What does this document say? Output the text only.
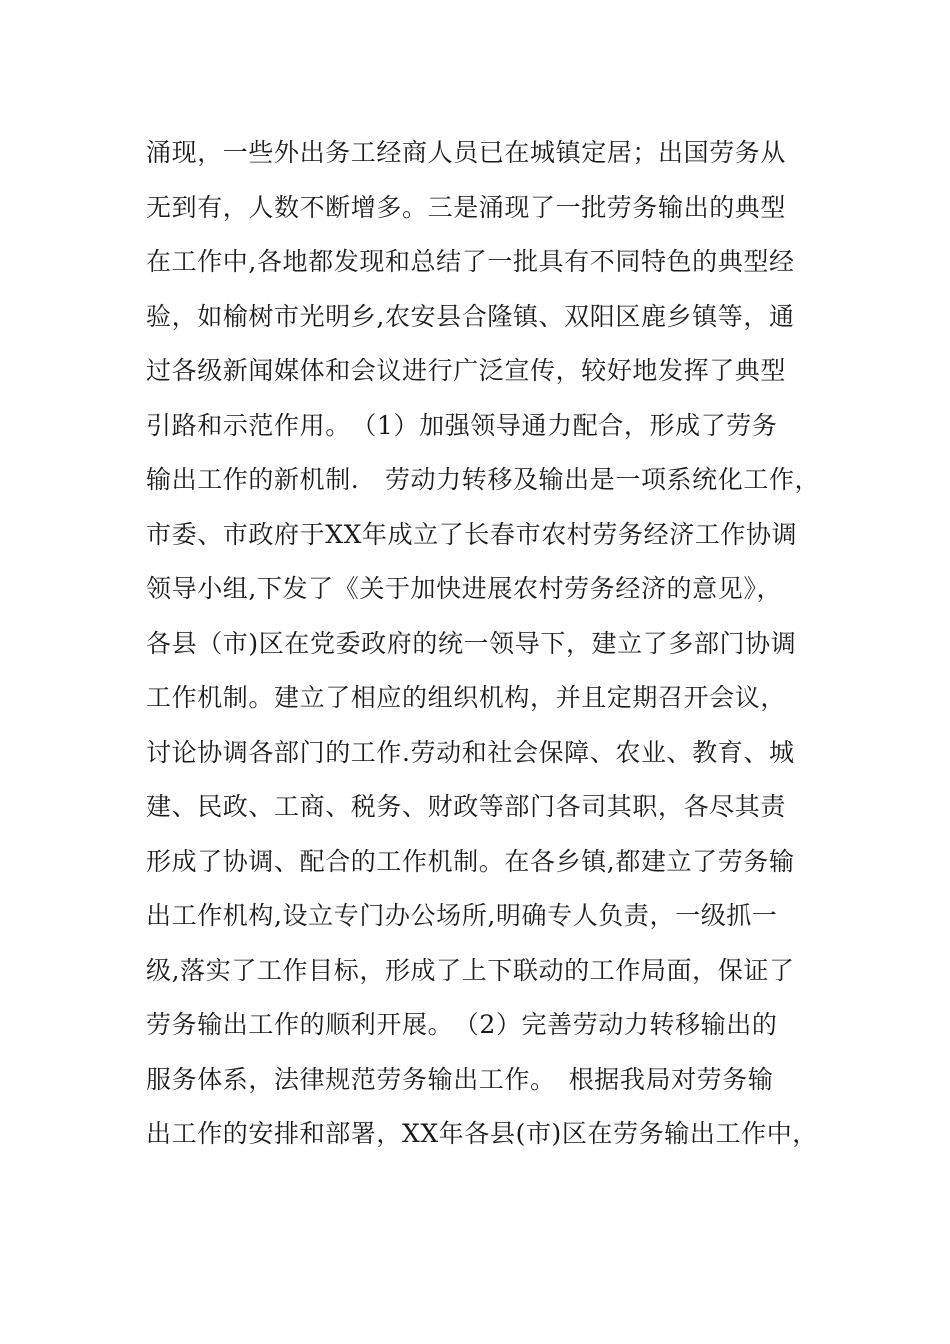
涌现，一些外出务工经商人员已在城镇定居；出国劳务从
无到有，人数不断增多。三是涌现了一批劳务输出的典型
在工作中,各地都发现和总结了一批具有不同特色的典型经
验，如榆树市光明乡,农安县合隆镇、双阳区鹿乡镇等，通
过各级新闻媒体和会议进行广泛宣传，较好地发挥了典型
引路和示范作用。　（1）加强领导通力配合，形成了劳务
输出工作的新机制.　劳动力转移及输出是一项系统化工作，
市委、市政府于XX年成立了长春市农村劳务经济工作协调
领导小组,下发了《关于加快进展农村劳务经济的意见》，
各县（市)区在党委政府的统一领导下，建立了多部门协调
工作机制。建立了相应的组织机构，并且定期召开会议，
讨论协调各部门的工作.劳动和社会保障、农业、教育、城
建、民政、工商、税务、财政等部门各司其职，各尽其责
形成了协调、配合的工作机制。在各乡镇,都建立了劳务输
出工作机构,设立专门办公场所,明确专人负责，一级抓一
级,落实了工作目标，形成了上下联动的工作局面，保证了
劳务输出工作的顺利开展。　（2）完善劳动力转移输出的
服务体系，法律规范劳务输出工作。　根据我局对劳务输
出工作的安排和部署，XX年各县(市)区在劳务输出工作中，
